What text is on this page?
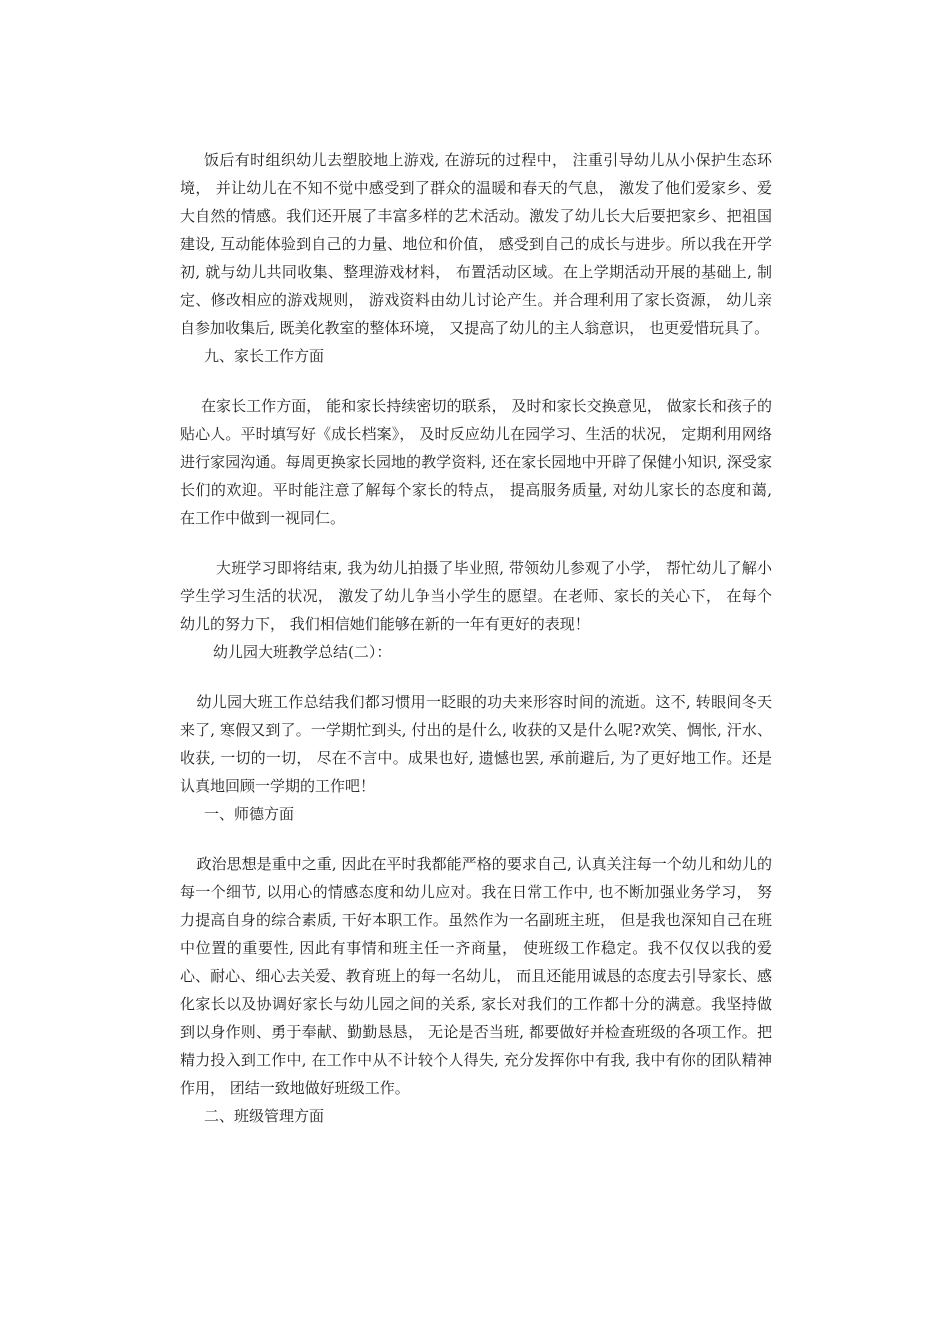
饭后有时组织幼儿去塑胶地上游戏, 在游玩的过程中， 注重引导幼儿从小保护生态环境， 并让幼儿在不知不觉中感受到了群众的温暖和春天的气息， 激发了他们爱家乡、爱大自然的情感。我们还开展了丰富多样的艺术活动。激发了幼儿长大后要把家乡、把祖国建设, 互动能体验到自己的力量、地位和价值， 感受到自己的成长与进步。所以我在开学初, 就与幼儿共同收集、整理游戏材料， 布置活动区域。在上学期活动开展的基础上, 制定、修改相应的游戏规则， 游戏资料由幼儿讨论产生。并合理利用了家长资源， 幼儿亲自参加收集后, 既美化教室的整体环境， 又提高了幼儿的主人翁意识， 也更爱惜玩具了。

九、家长工作方面

在家长工作方面， 能和家长持续密切的联系， 及时和家长交换意见， 做家长和孩子的贴心人。平时填写好《成长档案》， 及时反应幼儿在园学习、生活的状况， 定期利用网络进行家园沟通。每周更换家长园地的教学资料, 还在家长园地中开辟了保健小知识, 深受家长们的欢迎。平时能注意了解每个家长的特点， 提高服务质量, 对幼儿家长的态度和蔼, 在工作中做到一视同仁。

大班学习即将结束, 我为幼儿拍摄了毕业照, 带领幼儿参观了小学， 帮忙幼儿了解小学生学习生活的状况， 激发了幼儿争当小学生的愿望。在老师、家长的关心下， 在每个幼儿的努力下， 我们相信她们能够在新的一年有更好的表现！

幼儿园大班教学总结(二）：

幼儿园大班工作总结我们都习惯用一眨眼的功夫来形容时间的流逝。这不, 转眼间冬天来了, 寒假又到了。一学期忙到头, 付出的是什么, 收获的又是什么呢?欢笑、惆怅, 汗水、收获, 一切的一切， 尽在不言中。成果也好, 遗憾也罢, 承前避后, 为了更好地工作。还是认真地回顾一学期的工作吧！

一、师德方面

政治思想是重中之重, 因此在平时我都能严格的要求自己, 认真关注每一个幼儿和幼儿的每一个细节, 以用心的情感态度和幼儿应对。我在日常工作中, 也不断加强业务学习， 努力提高自身的综合素质, 干好本职工作。虽然作为一名副班主班， 但是我也深知自己在班中位置的重要性, 因此有事情和班主任一齐商量， 使班级工作稳定。我不仅仅以我的爱心、耐心、细心去关爱、教育班上的每一名幼儿， 而且还能用诚恳的态度去引导家长、感化家长以及协调好家长与幼儿园之间的关系, 家长对我们的工作都十分的满意。我坚持做到以身作则、勇于奉献、勤勤恳恳， 无论是否当班, 都要做好并检查班级的各项工作。把精力投入到工作中, 在工作中从不计较个人得失, 充分发挥你中有我, 我中有你的团队精神作用， 团结一致地做好班级工作。

二、班级管理方面
